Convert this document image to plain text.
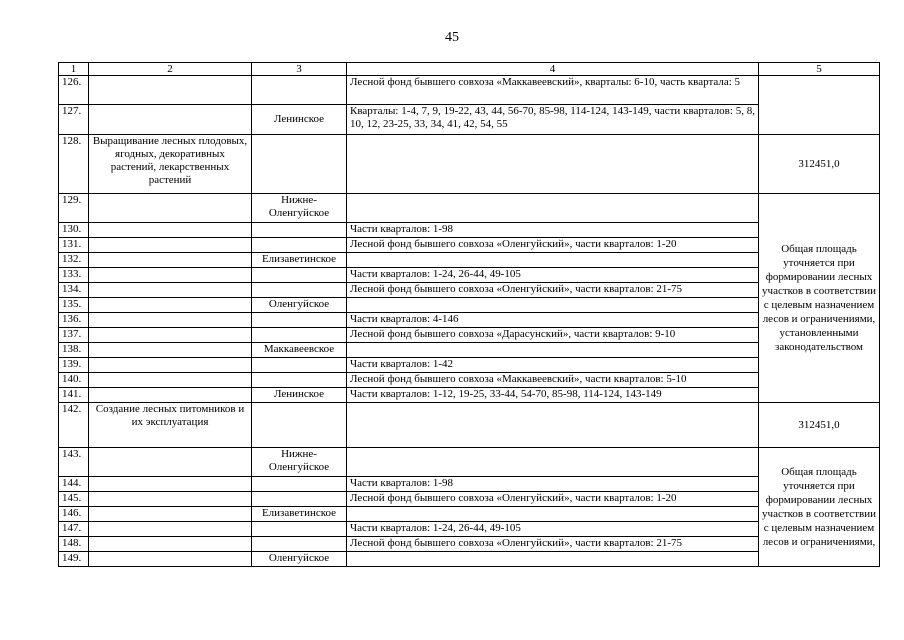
45
1	2	3	4	5
126.			Лесной фонд бывшего совхоза «Маккавеевский», кварталы: 6-10, часть квартала: 5	
127.		Ленинское	Кварталы: 1-4, 7, 9, 19-22, 43, 44, 56-70, 85-98, 114-124, 143-149, части кварталов: 5, 8, 10, 12, 23-25, 33, 34, 41, 42, 54, 55	
128.	Выращивание лесных плодовых, ягодных, декоративных растений, лекарственных растений			312451,0
129.		Нижне-Оленгуйское		Общая площадь уточняется при формировании лесных участков в соответствии с целевым назначением лесов и ограничениями, установленными законодательством
130.			Части кварталов: 1-98	
131.			Лесной фонд бывшего совхоза «Оленгуйский», части кварталов: 1-20	
132.		Елизаветинское		
133.			Части кварталов: 1-24, 26-44, 49-105	
134.			Лесной фонд бывшего совхоза «Оленгуйский», части кварталов: 21-75	
135.		Оленгуйское		
136.			Части кварталов: 4-146	
137.			Лесной фонд бывшего совхоза «Дарасунский», части кварталов: 9-10	
138.		Маккавеевское		
139.			Части кварталов: 1-42	
140.			Лесной фонд бывшего совхоза «Маккавеевский», части кварталов: 5-10	
141.		Ленинское	Части кварталов: 1-12, 19-25, 33-44, 54-70, 85-98, 114-124, 143-149	
142.	Создание лесных питомников и их эксплуатация			312451,0
143.		Нижне-Оленгуйское		Общая площадь уточняется при формировании лесных участков в соответствии с целевым назначением лесов и ограничениями,
144.			Части кварталов: 1-98	
145.			Лесной фонд бывшего совхоза «Оленгуйский», части кварталов: 1-20	
146.		Елизаветинское		
147.			Части кварталов: 1-24, 26-44, 49-105	
148.			Лесной фонд бывшего совхоза «Оленгуйский», части кварталов: 21-75	
149.		Оленгуйское		
